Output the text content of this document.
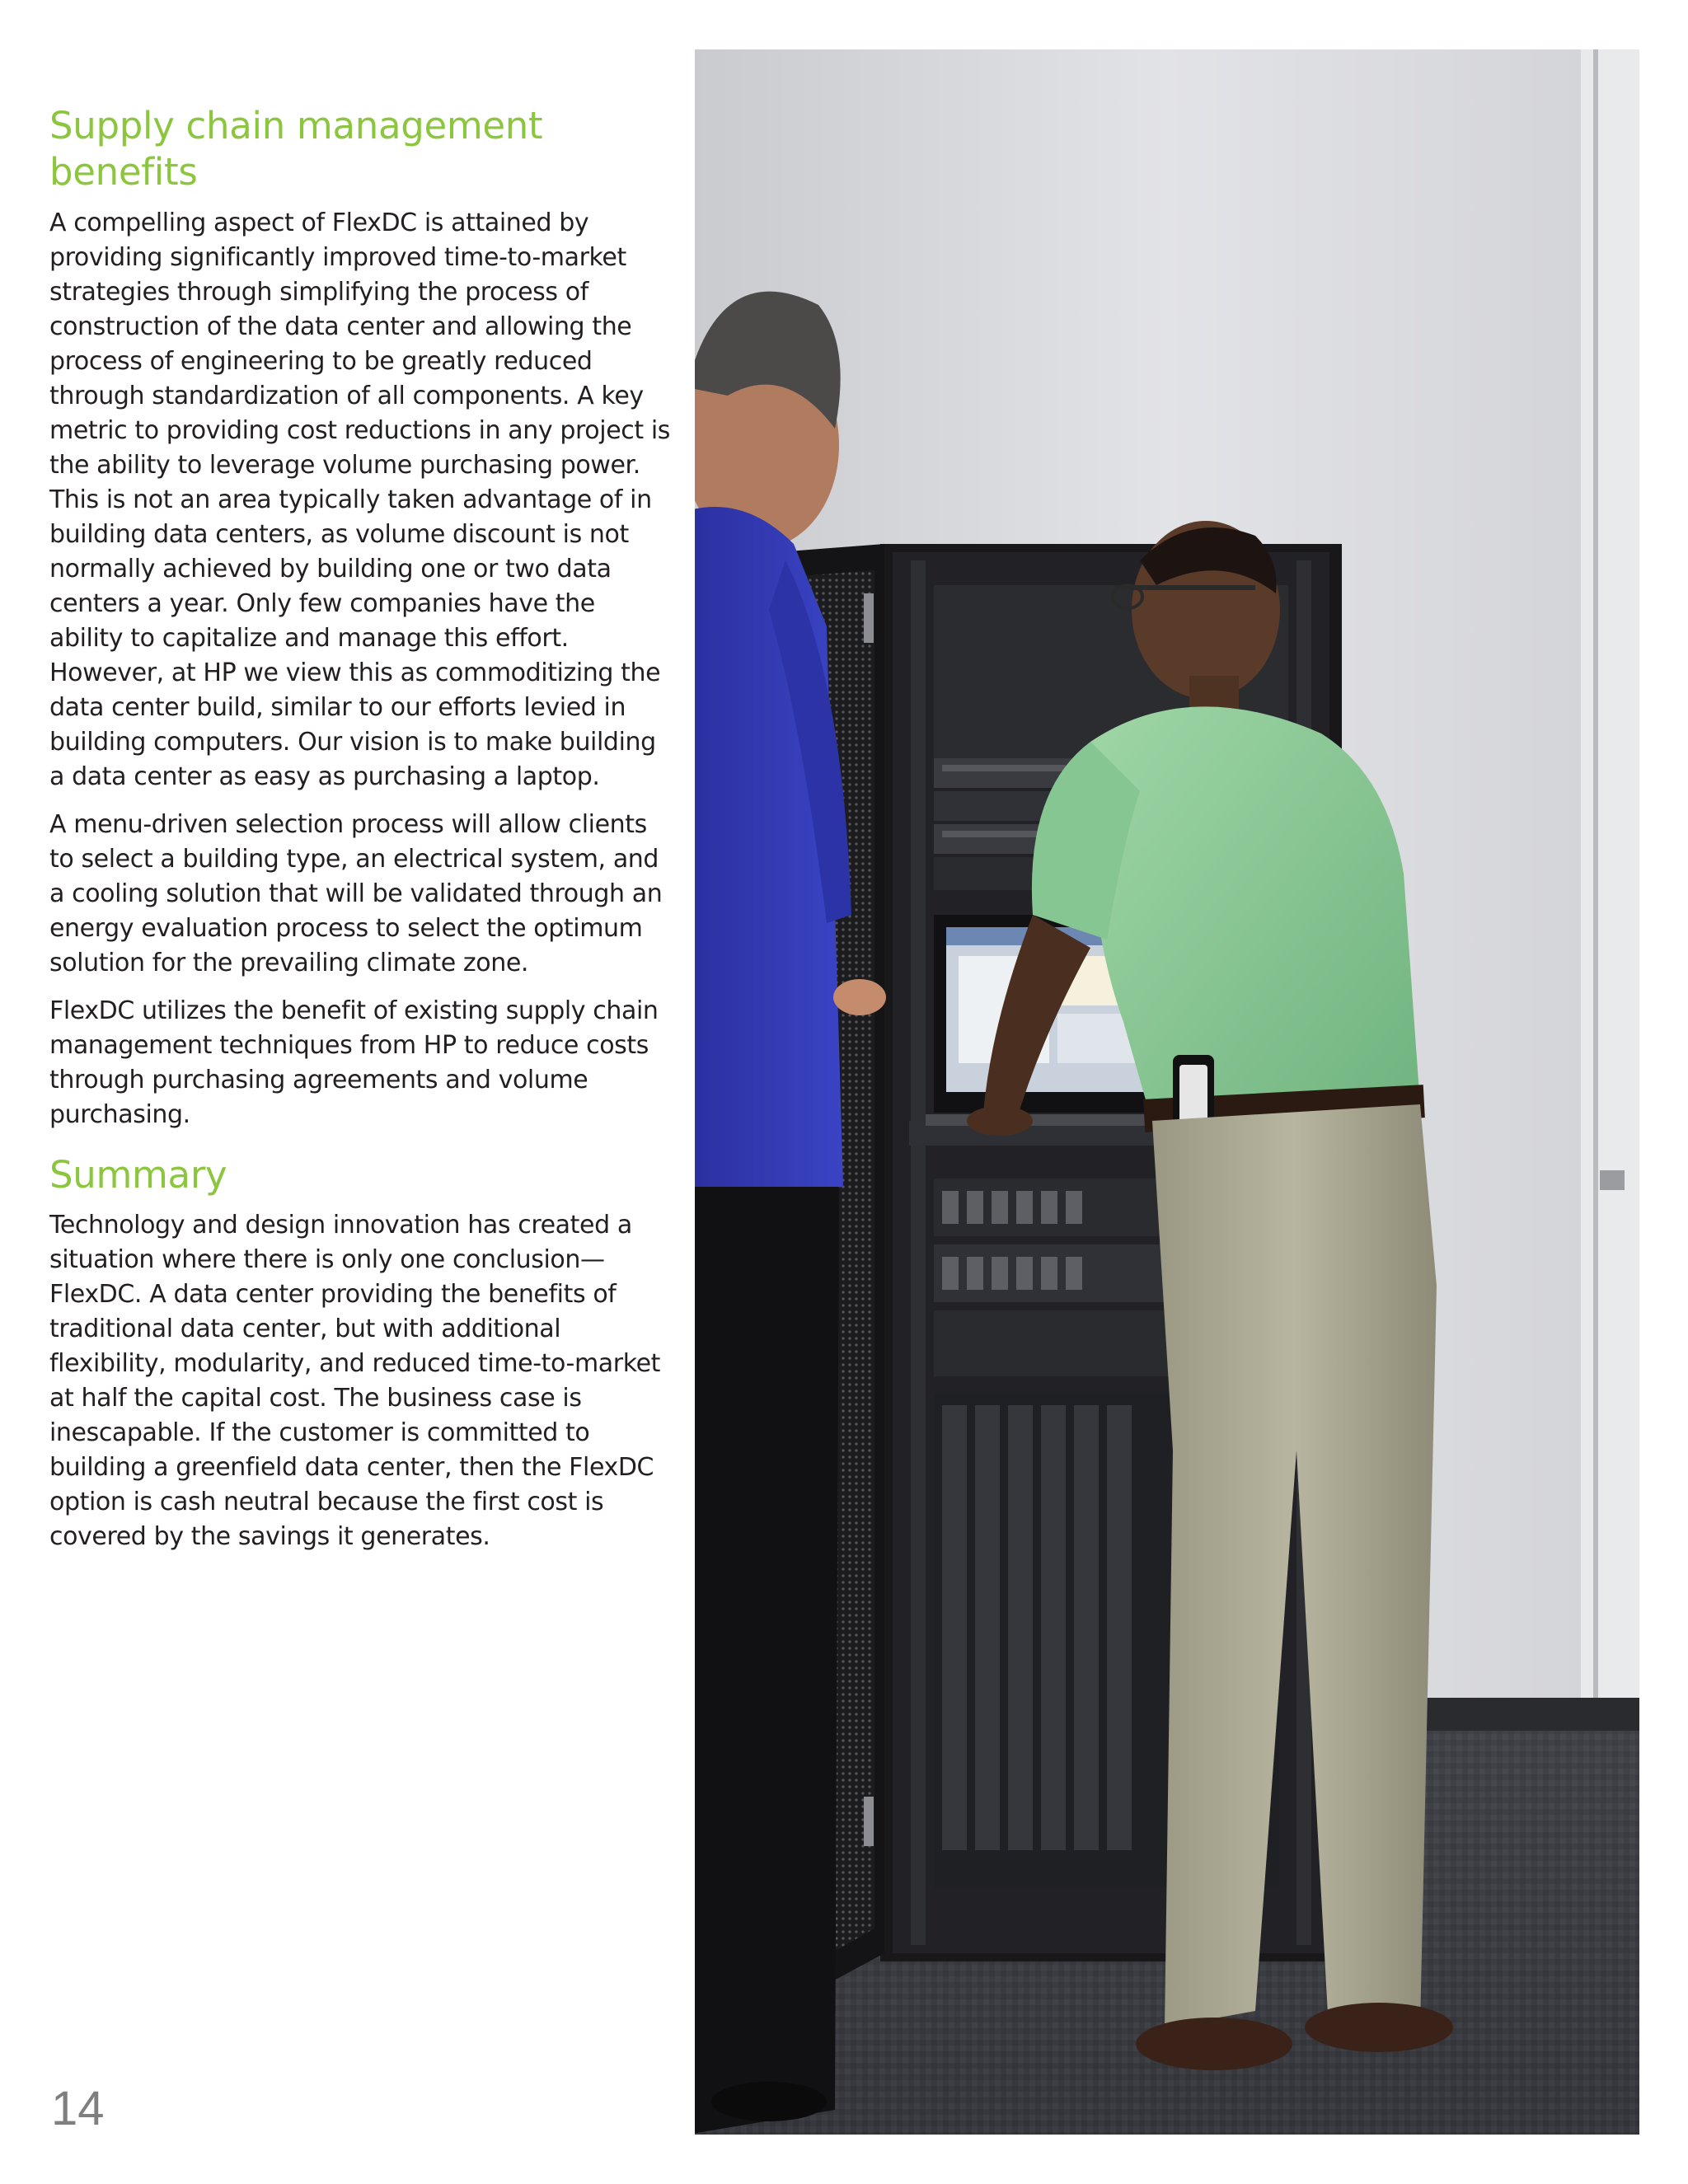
Supply chain management benefits

A compelling aspect of FlexDC is attained by providing significantly improved time-to-market strategies through simplifying the process of construction of the data center and allowing the process of engineering to be greatly reduced through standardization of all components. A key metric to providing cost reductions in any project is the ability to leverage volume purchasing power. This is not an area typically taken advantage of in building data centers, as volume discount is not normally achieved by building one or two data centers a year. Only few companies have the ability to capitalize and manage this effort. However, at HP we view this as commoditizing the data center build, similar to our efforts levied in building computers. Our vision is to make building a data center as easy as purchasing a laptop.

A menu-driven selection process will allow clients to select a building type, an electrical system, and a cooling solution that will be validated through an energy evaluation process to select the optimum solution for the prevailing climate zone.

FlexDC utilizes the benefit of existing supply chain management techniques from HP to reduce costs through purchasing agreements and volume purchasing.

Summary

Technology and design innovation has created a situation where there is only one conclusion—FlexDC. A data center providing the benefits of traditional data center, but with additional flexibility, modularity, and reduced time-to-market at half the capital cost. The business case is inescapable. If the customer is committed to building a greenfield data center, then the FlexDC option is cash neutral because the first cost is covered by the savings it generates.

14
